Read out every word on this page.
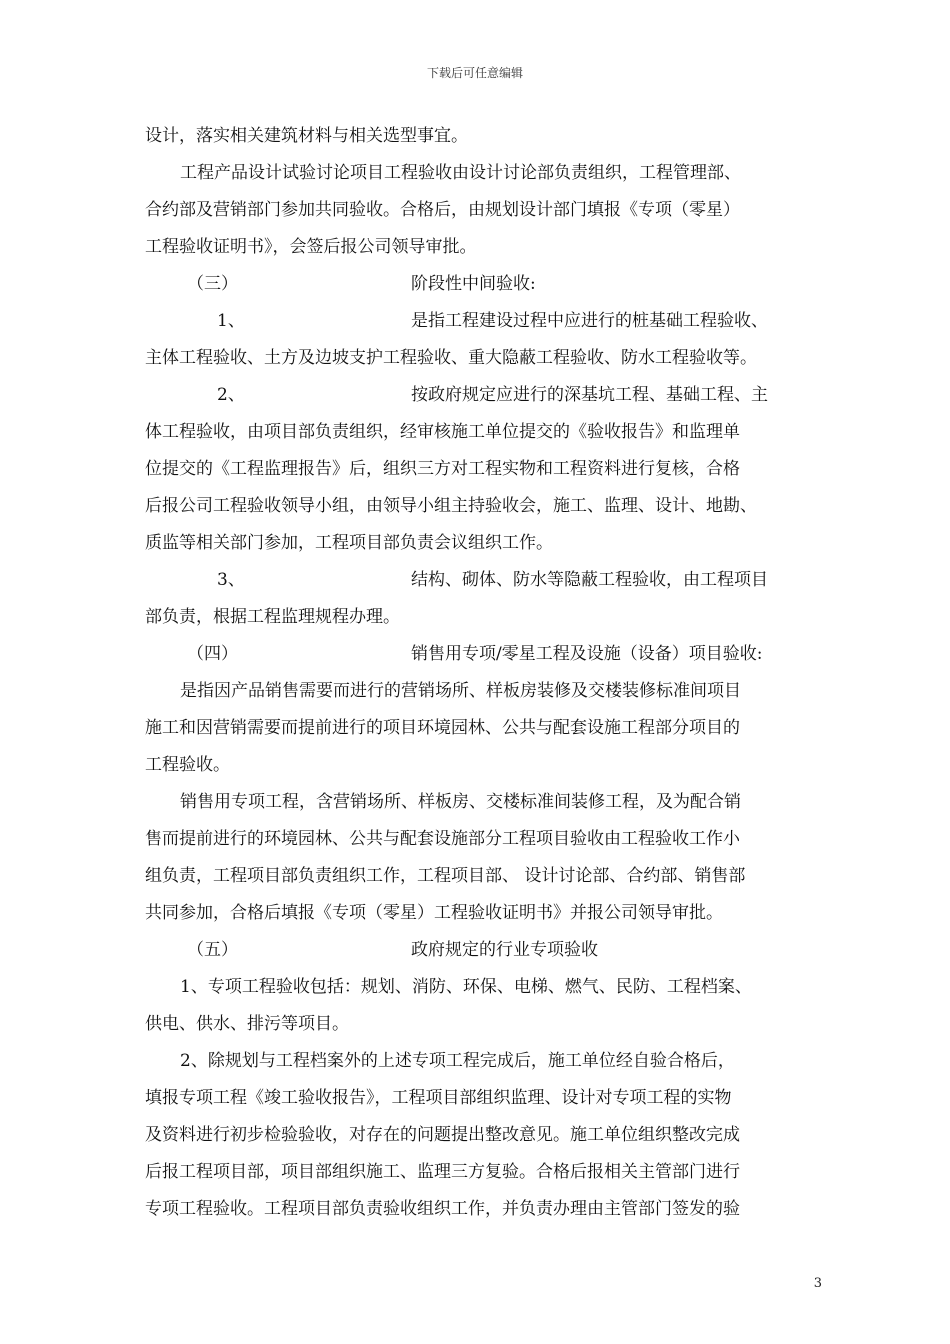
下载后可任意编辑
设计，落实相关建筑材料与相关选型事宜。
工程产品设计试验讨论项目工程验收由设计讨论部负责组织，工程管理部、
合约部及营销部门参加共同验收。合格后，由规划设计部门填报《专项（零星）
工程验收证明书》，会签后报公司领导审批。
（三）	阶段性中间验收:
1、	是指工程建设过程中应进行的桩基础工程验收、
主体工程验收、土方及边坡支护工程验收、重大隐蔽工程验收、防水工程验收等。
2、	按政府规定应进行的深基坑工程、基础工程、主
体工程验收，由项目部负责组织，经审核施工单位提交的《验收报告》和监理单
位提交的《工程监理报告》后，组织三方对工程实物和工程资料进行复核，合格
后报公司工程验收领导小组，由领导小组主持验收会，施工、监理、设计、地勘、
质监等相关部门参加，工程项目部负责会议组织工作。
3、	结构、砌体、防水等隐蔽工程验收，由工程项目
部负责，根据工程监理规程办理。
（四）	销售用专项/零星工程及设施（设备）项目验收:
是指因产品销售需要而进行的营销场所、样板房装修及交楼装修标准间项目
施工和因营销需要而提前进行的项目环境园林、公共与配套设施工程部分项目的
工程验收。
销售用专项工程，含营销场所、样板房、交楼标准间装修工程，及为配合销
售而提前进行的环境园林、公共与配套设施部分工程项目验收由工程验收工作小
组负责，工程项目部负责组织工作，工程项目部、 设计讨论部、合约部、销售部
共同参加，合格后填报《专项（零星）工程验收证明书》并报公司领导审批。
（五）	政府规定的行业专项验收
1、专项工程验收包括：规划、消防、环保、电梯、燃气、民防、工程档案、
供电、供水、排污等项目。
2、除规划与工程档案外的上述专项工程完成后，施工单位经自验合格后，
填报专项工程《竣工验收报告》，工程项目部组织监理、设计对专项工程的实物
及资料进行初步检验验收，对存在的问题提出整改意见。施工单位组织整改完成
后报工程项目部，项目部组织施工、监理三方复验。合格后报相关主管部门进行
专项工程验收。工程项目部负责验收组织工作，并负责办理由主管部门签发的验
3
